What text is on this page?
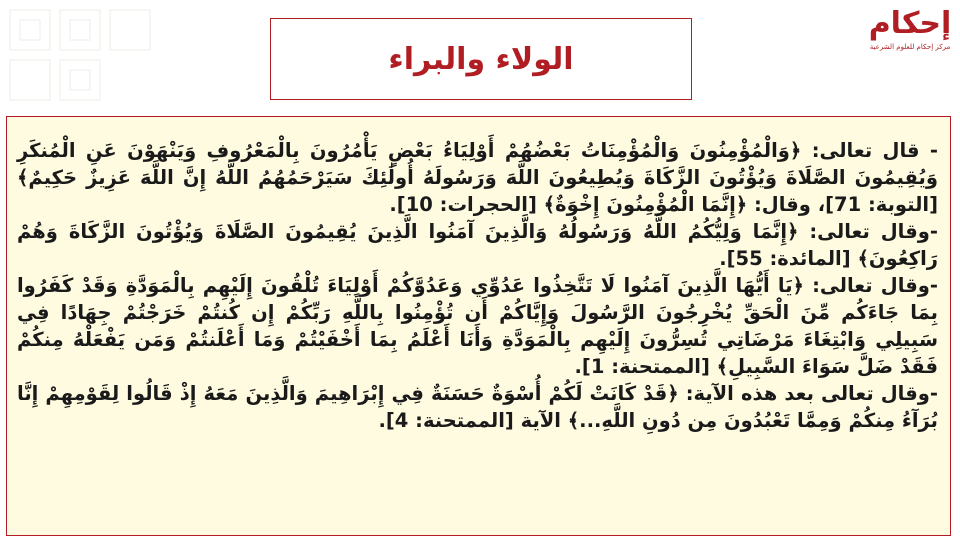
إحكام
مركز إحكام للعلوم الشرعية
الولاء والبراء

- قال تعالى: ﴿وَالْمُؤْمِنُونَ وَالْمُؤْمِنَاتُ بَعْضُهُمْ أَوْلِيَاءُ بَعْضٍ يَأْمُرُونَ بِالْمَعْرُوفِ وَيَنْهَوْنَ عَنِ الْمُنكَرِ وَيُقِيمُونَ الصَّلَاةَ وَيُؤْتُونَ الزَّكَاةَ وَيُطِيعُونَ اللَّهَ وَرَسُولَهُ أُولَٰئِكَ سَيَرْحَمُهُمُ اللَّهُ إِنَّ اللَّهَ عَزِيزٌ حَكِيمٌ﴾ [التوبة: 71]، وقال: ﴿إِنَّمَا الْمُؤْمِنُونَ إِخْوَةٌ﴾ [الحجرات: 10].

-وقال تعالى: ﴿إِنَّمَا وَلِيُّكُمُ اللَّهُ وَرَسُولُهُ وَالَّذِينَ آمَنُوا الَّذِينَ يُقِيمُونَ الصَّلَاةَ وَيُؤْتُونَ الزَّكَاةَ وَهُمْ رَاكِعُونَ﴾ [المائدة: 55].

-وقال تعالى: ﴿يَا أَيُّهَا الَّذِينَ آمَنُوا لَا تَتَّخِذُوا عَدُوِّي وَعَدُوَّكُمْ أَوْلِيَاءَ تُلْقُونَ إِلَيْهِم بِالْمَوَدَّةِ وَقَدْ كَفَرُوا بِمَا جَاءَكُم مِّنَ الْحَقِّ يُخْرِجُونَ الرَّسُولَ وَإِيَّاكُمْ أَن تُؤْمِنُوا بِاللَّهِ رَبِّكُمْ إِن كُنتُمْ خَرَجْتُمْ جِهَادًا فِي سَبِيلِي وَابْتِغَاءَ مَرْضَاتِي تُسِرُّونَ إِلَيْهِم بِالْمَوَدَّةِ وَأَنَا أَعْلَمُ بِمَا أَخْفَيْتُمْ وَمَا أَعْلَنتُمْ وَمَن يَفْعَلْهُ مِنكُمْ فَقَدْ ضَلَّ سَوَاءَ السَّبِيلِ﴾ [الممتحنة: 1].

-وقال تعالى بعد هذه الآية: ﴿قَدْ كَانَتْ لَكُمْ أُسْوَةٌ حَسَنَةٌ فِي إِبْرَاهِيمَ وَالَّذِينَ مَعَهُ إِذْ قَالُوا لِقَوْمِهِمْ إِنَّا بُرَآءُ مِنكُمْ وَمِمَّا تَعْبُدُونَ مِن دُونِ اللَّهِ...﴾ الآية [الممتحنة: 4].
